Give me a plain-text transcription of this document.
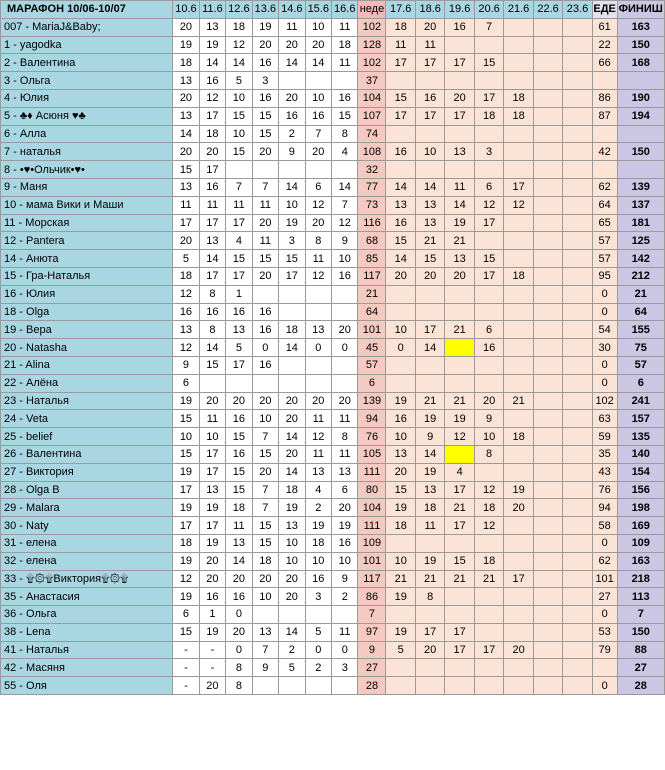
МАРАФОН 10/06-10/07	10.6	11.6	12.6	13.6	14.6	15.6	16.6	неде	17.6	18.6	19.6	20.6	21.6	22.6	23.6	ЕДЕ	ФИНИШ
007 - MariaJ&Baby;	20	13	18	19	11	10	11	102	18	20	16	7				61	163
1 - yagodka	19	19	12	20	20	20	18	128	11	11						22	150
2 - Валентина	18	14	14	16	14	14	11	102	17	17	17	15				66	168
3 - Ольга	13	16	5	3				37									
4 - Юлия	20	12	10	16	20	10	16	104	15	16	20	17	18			86	190
5 - ♣♦ Асюня ♥♣	13	17	15	15	16	16	15	107	17	17	17	18	18			87	194
6 - Алла	14	18	10	15	2	7	8	74									
7 - наталья	20	20	15	20	9	20	4	108	16	10	13	3				42	150
8 - •♥•Ольчик•♥•	15	17						32									
9 - Маня	13	16	7	7	14	6	14	77	14	14	11	6	17			62	139
10 - мама Вики и Маши	11	11	11	11	10	12	7	73	13	13	14	12	12			64	137
11 - Морская	17	17	17	20	19	20	12	116	16	13	19	17				65	181
12 - Pantera	20	13	4	11	3	8	9	68	15	21	21					57	125
14 - Анюта	5	14	15	15	15	11	10	85	14	15	13	15				57	142
15 - Гра-Наталья	18	17	17	20	17	12	16	117	20	20	20	17	18			95	212
16 - Юлия	12	8	1					21								0	21
18 - Olga	16	16	16	16				64								0	64
19 - Вера	13	8	13	16	18	13	20	101	10	17	21	6				54	155
20 - Natasha	12	14	5	0	14	0	0	45	0	14		16				30	75
21 - Alina	9	15	17	16				57								0	57
22 - Алёна	6							6								0	6
23 - Наталья	19	20	20	20	20	20	20	139	19	21	21	20	21			102	241
24 - Veta	15	11	16	10	20	11	11	94	16	19	19	9				63	157
25 - belief	10	10	15	7	14	12	8	76	10	9	12	10	18			59	135
26 - Валентина	15	17	16	15	20	11	11	105	13	14		8				35	140
27 - Виктория	19	17	15	20	14	13	13	111	20	19	4					43	154
28 - Olga B	17	13	15	7	18	4	6	80	15	13	17	12	19			76	156
29 - Malara	19	19	18	7	19	2	20	104	19	18	21	18	20			94	198
30 - Naty	17	17	11	15	13	19	19	111	18	11	17	12				58	169
31 - елена	18	19	13	15	10	18	16	109								0	109
32 - елена	19	20	14	18	10	10	10	101	10	19	15	18				62	163
33 - ۩۞۩Виктория۩۞۩	12	20	20	20	20	16	9	117	21	21	21	21	17			101	218
35 - Анастасия	19	16	16	10	20	3	2	86	19	8						27	113
36 - Ольга	6	1	0					7								0	7
38 - Lena	15	19	20	13	14	5	11	97	19	17	17					53	150
41 - Наталья	-	-	0	7	2	0	0	9	5	20	17	17	20			79	88
42 - Масяня	-	-	8	9	5	2	3	27									27
55 - Оля	-	20	8					28								0	28
